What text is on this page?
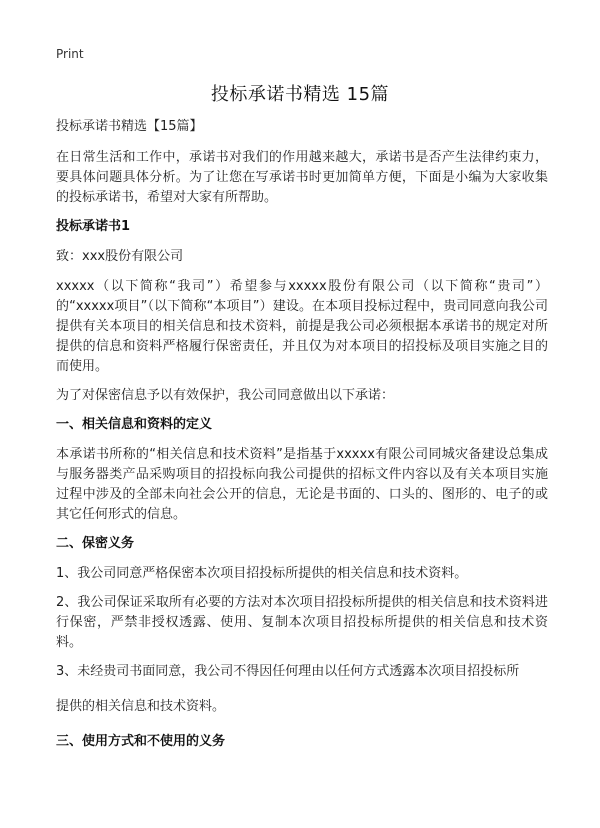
Print
投标承诺书精选 15篇

投标承诺书精选【15篇】

在日常生活和工作中，承诺书对我们的作用越来越大，承诺书是否产生法律约束力，要具体问题具体分析。为了让您在写承诺书时更加简单方便，下面是小编为大家收集的投标承诺书，希望对大家有所帮助。

投标承诺书1

致：xxx股份有限公司

xxxxx（以下简称“我司”）希望参与xxxxx股份有限公司（以下简称“贵司”）的“xxxxx项目”（以下简称“本项目”）建设。在本项目投标过程中，贵司同意向我公司提供有关本项目的相关信息和技术资料，前提是我公司必须根据本承诺书的规定对所提供的信息和资料严格履行保密责任，并且仅为对本项目的招投标及项目实施之目的而使用。

为了对保密信息予以有效保护，我公司同意做出以下承诺：

一、相关信息和资料的定义

本承诺书所称的“相关信息和技术资料”是指基于xxxxx有限公司同城灾备建设总集成与服务器类产品采购项目的招投标向我公司提供的招标文件内容以及有关本项目实施过程中涉及的全部未向社会公开的信息，无论是书面的、口头的、图形的、电子的或其它任何形式的信息。

二、保密义务

1、我公司同意严格保密本次项目招投标所提供的相关信息和技术资料。

2、我公司保证采取所有必要的方法对本次项目招投标所提供的相关信息和技术资料进行保密，严禁非授权透露、使用、复制本次项目招投标所提供的相关信息和技术资料。

3、未经贵司书面同意，我公司不得因任何理由以任何方式透露本次项目招投标所

提供的相关信息和技术资料。

三、使用方式和不使用的义务
